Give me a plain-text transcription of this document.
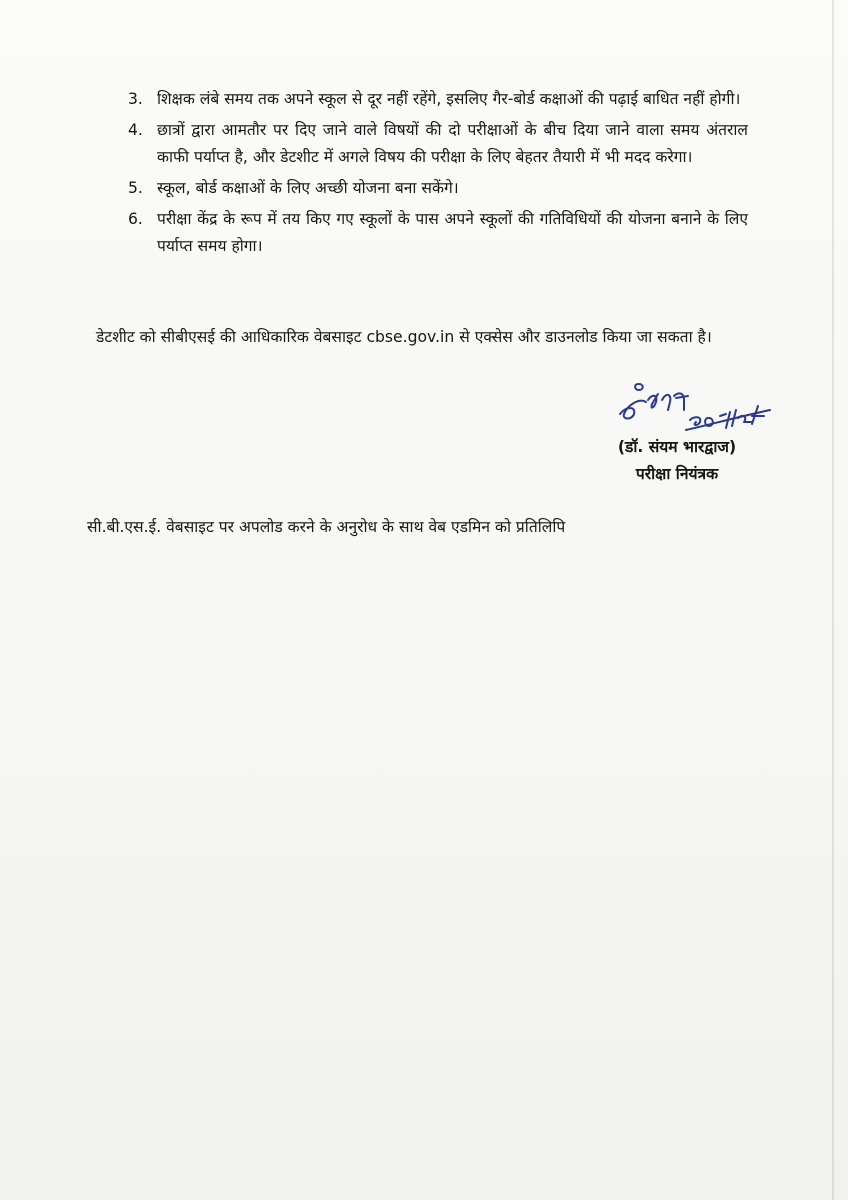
3. शिक्षक लंबे समय तक अपने स्कूल से दूर नहीं रहेंगे, इसलिए गैर-बोर्ड कक्षाओं की पढ़ाई बाधित नहीं होगी।
4. छात्रों द्वारा आमतौर पर दिए जाने वाले विषयों की दो परीक्षाओं के बीच दिया जाने वाला समय अंतराल काफी पर्याप्त है, और डेटशीट में अगले विषय की परीक्षा के लिए बेहतर तैयारी में भी मदद करेगा।
5. स्कूल, बोर्ड कक्षाओं के लिए अच्छी योजना बना सकेंगे।
6. परीक्षा केंद्र के रूप में तय किए गए स्कूलों के पास अपने स्कूलों की गतिविधियों की योजना बनाने के लिए पर्याप्त समय होगा।

डेटशीट को सीबीएसई की आधिकारिक वेबसाइट cbse.gov.in से एक्सेस और डाउनलोड किया जा सकता है।

(डॉ. संयम भारद्वाज)
परीक्षा नियंत्रक

सी.बी.एस.ई. वेबसाइट पर अपलोड करने के अनुरोध के साथ वेब एडमिन को प्रतिलिपि
